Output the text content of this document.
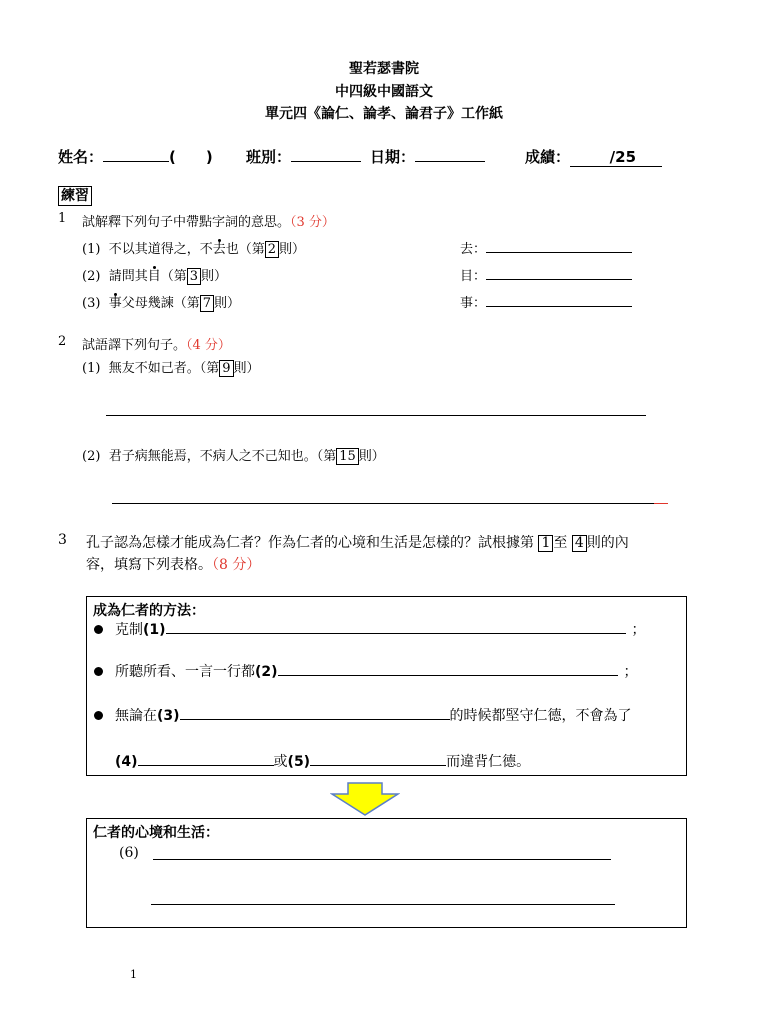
聖若瑟書院
中四級中國語文
單元四《論仁、論孝、論君子》工作紙
姓名：	(　　) 班別：	日期：	成績：	/25
練習
1 試解釋下列句子中帶點字詞的意思。（3 分）
(1) 不以其道得之，不去也（第 2 則）	去：
(2) 請問其目（第 3 則）	目：
(3) 事父母幾諫（第 7 則）	事：
2 試語譯下列句子。（4 分）
(1) 無友不如己者。（第 9 則）
(2) 君子病無能焉，不病人之不己知也。（第 15 則）
3 孔子認為怎樣才能成為仁者？作為仁者的心境和生活是怎樣的？試根據第 1 至 4 則的內
容，填寫下列表格。（8 分）
成為仁者的方法：
克制(1)	；
所聽所看、一言一行都(2)	；
無論在(3)	的時候都堅守仁德，不會為了
(4)	或(5)	而違背仁德。
仁者的心境和生活：
(6)
1
